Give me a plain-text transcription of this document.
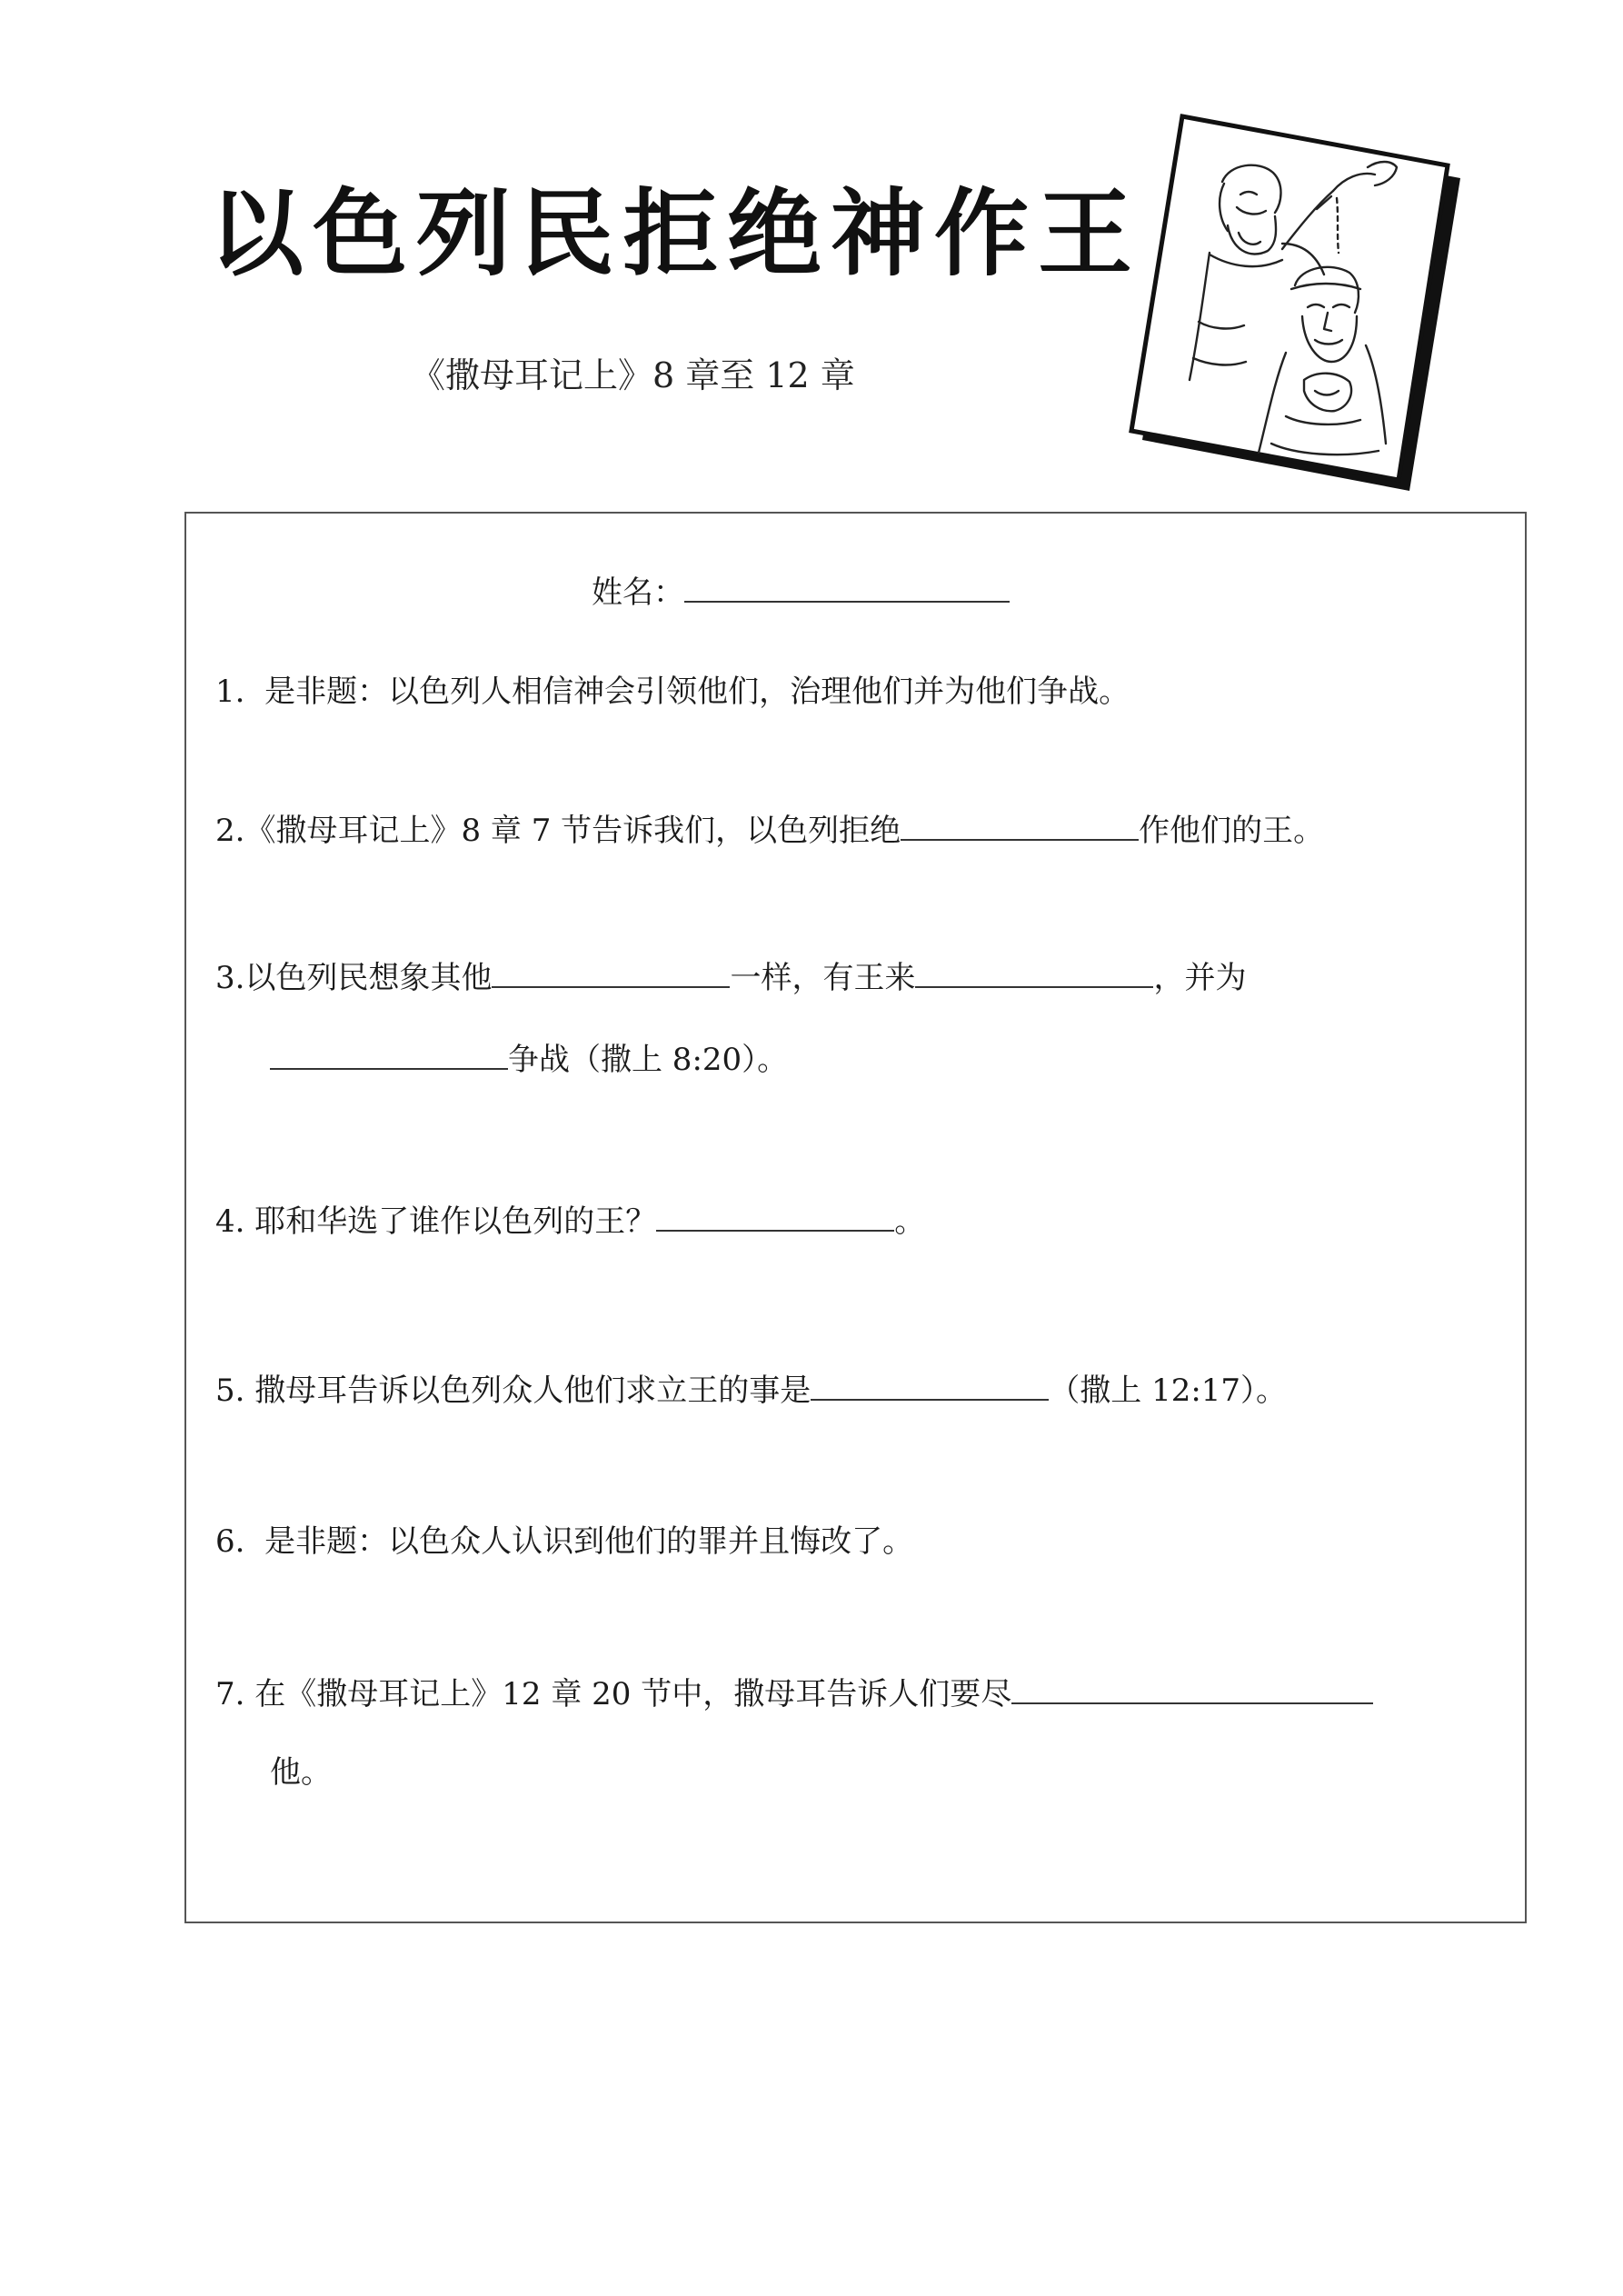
以色列民拒绝神作王
《撒母耳记上》8 章至 12 章
姓名：
1. 是非题：以色列人相信神会引领他们，治理他们并为他们争战。
2.《撒母耳记上》8 章 7 节告诉我们，以色列拒绝	作他们的王。
3.以色列民想象其他	一样，有王来	，并为
争战（撒上 8:20）。
4. 耶和华选了谁作以色列的王？	。
5. 撒母耳告诉以色列众人他们求立王的事是	（撒上 12:17）。
6. 是非题：以色众人认识到他们的罪并且悔改了。
7. 在《撒母耳记上》12 章 20 节中，撒母耳告诉人们要尽
他。
